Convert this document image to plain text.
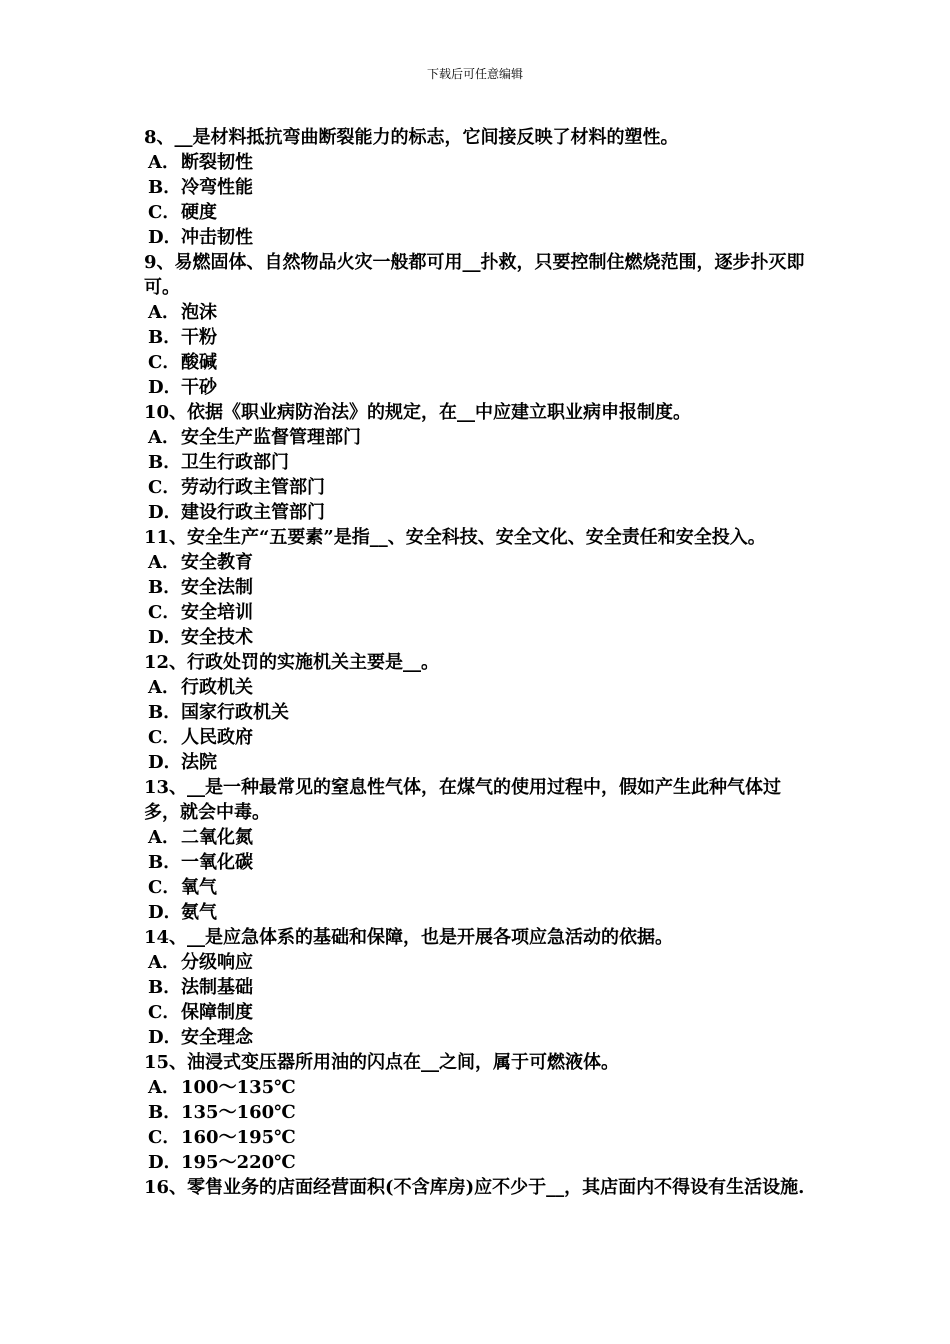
下载后可任意编辑

8、__是材料抵抗弯曲断裂能力的标志，它间接反映了材料的塑性。

A．断裂韧性

B．冷弯性能

C．硬度

D．冲击韧性

9、易燃固体、自然物品火灾一般都可用__扑救，只要控制住燃烧范围，逐步扑灭即可。

A．泡沫

B．干粉

C．酸碱

D．干砂

10、依据《职业病防治法》的规定，在__中应建立职业病申报制度。

A．安全生产监督管理部门

B．卫生行政部门

C．劳动行政主管部门

D．建设行政主管部门

11、安全生产“五要素”是指__、安全科技、安全文化、安全责任和安全投入。

A．安全教育

B．安全法制

C．安全培训

D．安全技术

12、行政处罚的实施机关主要是__。

A．行政机关

B．国家行政机关

C．人民政府

D．法院

13、__是一种最常见的窒息性气体，在煤气的使用过程中，假如产生此种气体过多，就会中毒。

A．二氧化氮

B．一氧化碳

C．氧气

D．氨气

14、__是应急体系的基础和保障，也是开展各项应急活动的依据。

A．分级响应

B．法制基础

C．保障制度

D．安全理念

15、油浸式变压器所用油的闪点在__之间，属于可燃液体。

A．100～135℃

B．135～160℃

C．160～195℃

D．195～220℃

16、零售业务的店面经营面积(不含库房)应不少于__，其店面内不得设有生活设施.
